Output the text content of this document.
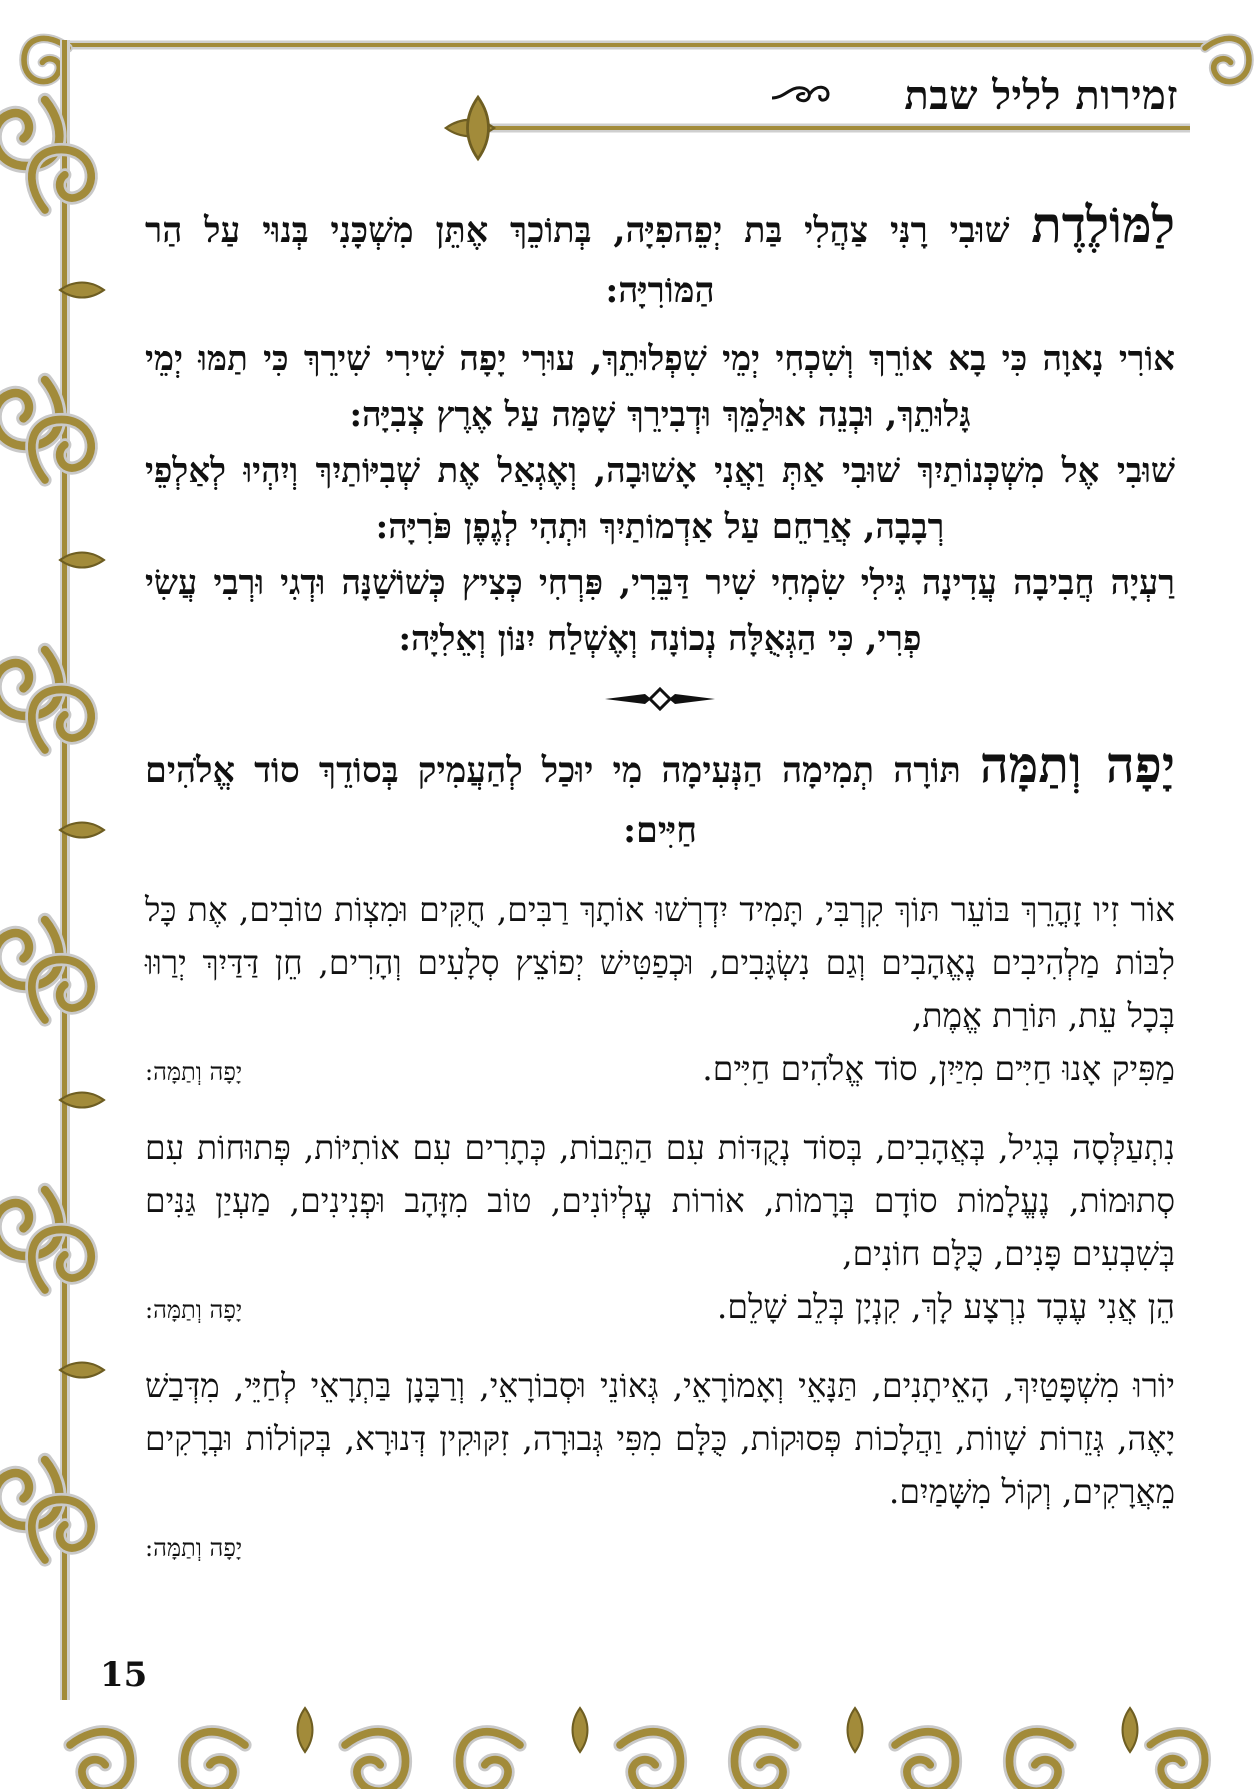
זמירות לליל שבת

לַמּוֹלֶדֶת שׁוּבִי רָנִּי צַהֲלִי בַּת יְפֵהפִיָּה, בְּתוֹכֵךְ אֶתֵּן מִשְׁכָּנִי בְּנוּי עַל הַר הַמּוֹרִיָּה:

אוֹרִי נָאוָה כִּי בָא אוֹרֵךְ וְשִׁכְחִי יְמֵי שִׁפְלוּתֵךְ, עוּרִי יָפָה שִׁירִי שִׁירֵךְ כִּי תַמּוּ יְמֵי גָּלוּתֵךְ, וּבְנֵה אוּלַמֵּךְ וּדְבִירֵךְ שָׁמָּה עַל אֶרֶץ צְבִיָּה:

שׁוּבִי אֶל מִשְׁכְּנוֹתַיִךְ שׁוּבִי אַתְּ וַאֲנִי אָשׁוּבָה, וְאֶגְאַל אֶת שְׁבִיּוֹתַיִךְ וְיִהְיוּ לְאַלְפֵי רְבָבָה, אֲרַחֵם עַל אַדְמוֹתַיִךְ וּתְהִי לְגֶפֶן פֹּרִיָּה:

רַעְיָה חֲבִיבָה עֲדִינָה גִּילִי שִׂמְחִי שִׁיר דַּבֵּרִי, פִּרְחִי כְּצִיץ כְּשׁוֹשַׁנָּה וּדְגִי וּרְבִי עֲשִׂי פְרִי, כִּי הַגְּאֻלָּה נְכוֹנָה וְאֶשְׁלַח יִנּוֹן וְאֵלִיָּה:

יָפָה וְתַמָּה תּוֹרָה תְמִימָה הַנְּעִימָה מִי יוּכַל לְהַעֲמִיק בְּסוֹדֵךְ סוֹד אֱלֹהִים חַיִּים:

אוֹר זִיו זָהֳרֵךְ בּוֹעֵר תּוֹךְ קִרְבִּי, תָּמִיד יִדְרְשׁוּ אוֹתָךְ רַבִּים, חֻקִּים וּמִצְוֹת טוֹבִים, אֶת כָּל לִבּוֹת מַלְהִיבִים נֶאֱהָבִים וְגַם נִשְׂגָּבִים, וּכְפַטִּישׁ יְפוֹצֵץ סְלָעִים וְהָרִים, חֵן דַּדַּיִךְ יְרַוּוּ בְּכָל עֵת, תּוֹרַת אֱמֶת,
מַפִּיק אָנוּ חַיִּים מִיַּיִן, סוֹד אֱלֹהִים חַיִּים.
יָפָה וְתַמָּה:
נִתְעַלְּסָה בְּגִיל, בְּאֲהָבִים, בְּסוֹד נְקֻדּוֹת עִם הַתֵּבוֹת, כְּתָרִים עִם אוֹתִיּוֹת, פְּתוּחוֹת עִם סְתוּמוֹת, נֶעֱלָמוֹת סוֹדָם בְּרָמוֹת, אוֹרוֹת עֶלְיוֹנִים, טוֹב מִזָּהָב וּפְנִינִים, מַעְיַן גַּנִּים בְּשִׁבְעִים פָּנִים, כֻּלָּם חוֹנִים,
הֵן אֲנִי עֶבֶד נִרְצָע לָךְ, קִנְיָן בְּלֵב שָׁלֵם.
יָפָה וְתַמָּה:
יוֹרוּ מִשְׁפָּטַיִךְ, הָאֵיתָנִים, תַּנָּאֵי וְאָמוֹרָאֵי, גְּאוֹנֵי וּסְבוֹרָאֵי, וְרַבָּנָן בַּתְרָאֵי לְחַיֵּי, מִדְּבַשׁ יָאֶה, גְּזֵרוֹת שָׁווֹת, וַהֲלָכוֹת פְּסוּקוֹת, כֻּלָּם מִפִּי גְּבוּרָה, זִקּוּקִין דְּנוּרָא, בְּקוֹלוֹת וּבְרָקִים מֵאֲרָקִים, וְקוֹל מִשָּׁמַיִם.
יָפָה וְתַמָּה:
15
